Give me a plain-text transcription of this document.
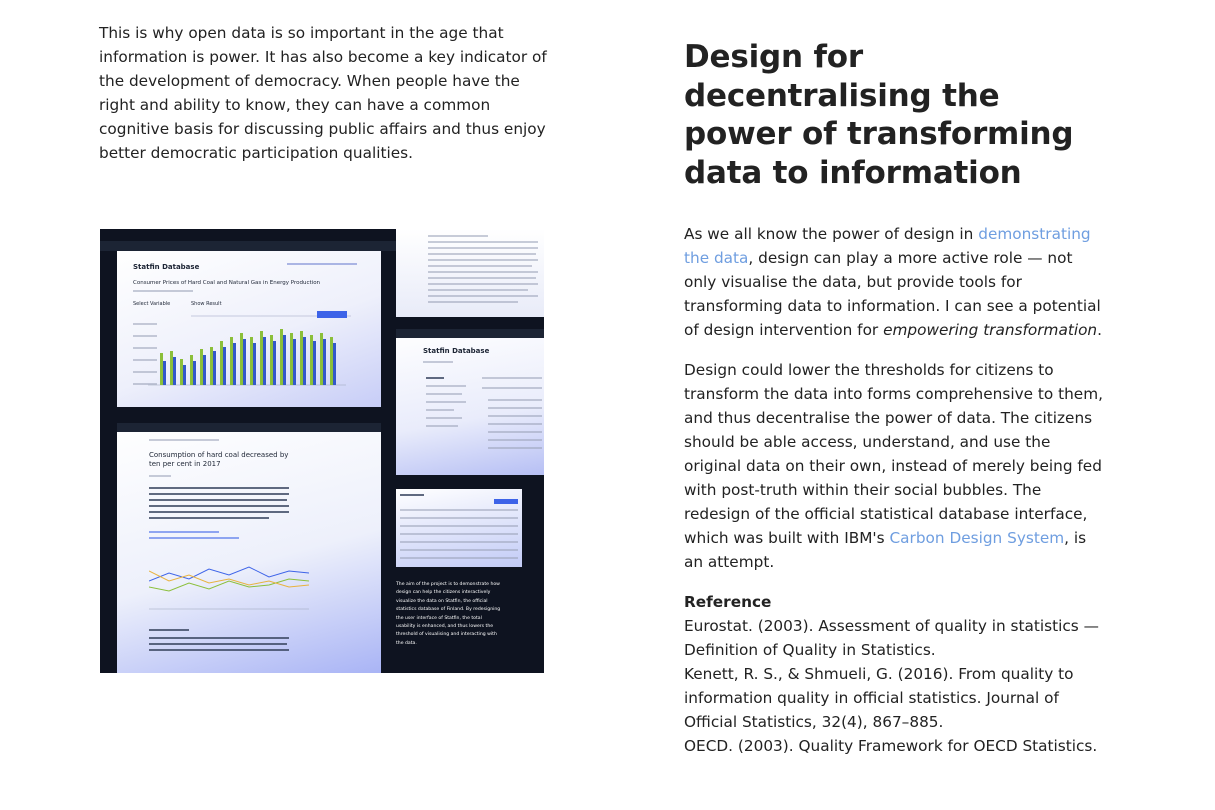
This is why open data is so important in the age that information is power. It has also become a key indicator of the development of democracy. When people have the right and ability to know, they can have a common cognitive basis for discussing public affairs and thus enjoy better democratic participation qualities.

Statfin Database
Consumer Prices of Hard Coal and Natural Gas in Energy Production
Select Variable	Show Result
Statfin Database
Consumption of hard coal decreased by ten per cent in 2017
The aim of the project is to demonstrate how design can help the citizens interactively visualize the data on Statfin, the official statistics database of Finland. By redesigning the user interface of Statfin, the total usability is enhanced, and thus lowers the threshold of visualising and interacting with the data.
Design for decentralising the power of transforming data to information

As we all know the power of design in demonstrating the data, design can play a more active role — not only visualise the data, but provide tools for transforming data to information. I can see a potential of design intervention for empowering transformation.

Design could lower the thresholds for citizens to transform the data into forms comprehensive to them, and thus decentralise the power of data. The citizens should be able access, understand, and use the original data on their own, instead of merely being fed with post-truth within their social bubbles. The redesign of the official statistical database interface, which was built with IBM's Carbon Design System, is an attempt.

Reference
Eurostat. (2003). Assessment of quality in statistics — Definition of Quality in Statistics.
Kenett, R. S., & Shmueli, G. (2016). From quality to information quality in official statistics. Journal of Official Statistics, 32(4), 867–885.
OECD. (2003). Quality Framework for OECD Statistics.
